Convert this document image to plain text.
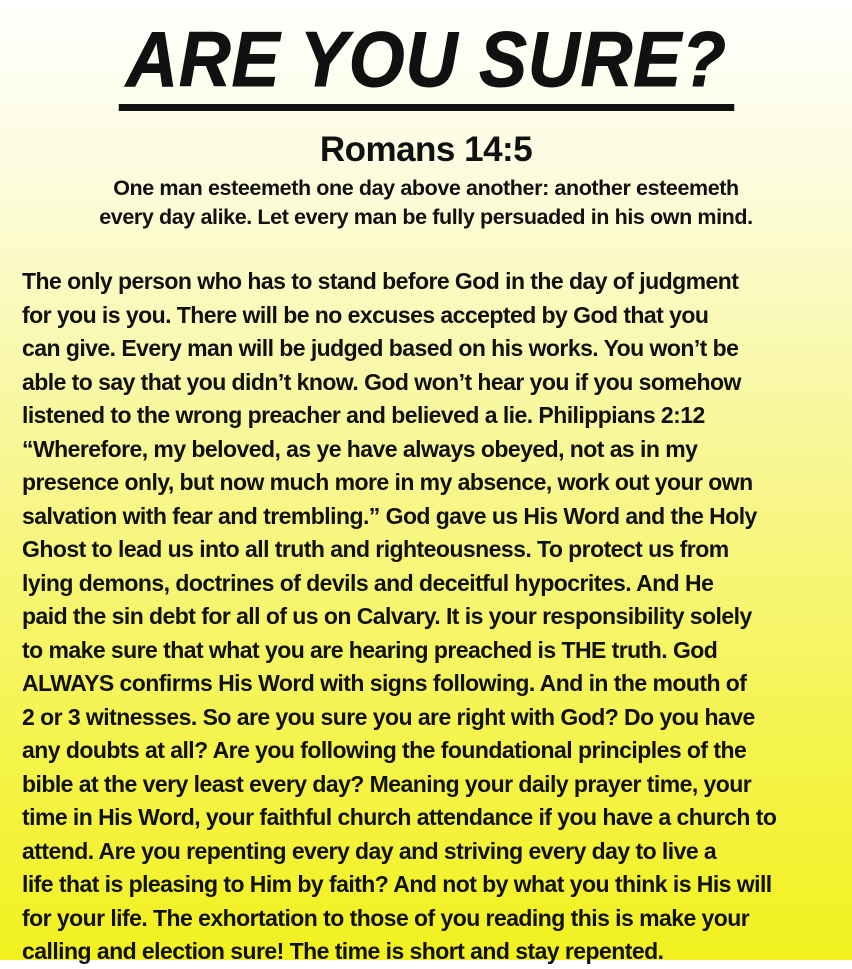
ARE YOU SURE?
Romans 14:5
One man esteemeth one day above another: another esteemeth
every day alike. Let every man be fully persuaded in his own mind.
The only person who has to stand before God in the day of judgment
for you is you. There will be no excuses accepted by God that you
can give. Every man will be judged based on his works. You won’t be
able to say that you didn’t know. God won’t hear you if you somehow
listened to the wrong preacher and believed a lie. Philippians 2:12
“Wherefore, my beloved, as ye have always obeyed, not as in my
presence only, but now much more in my absence, work out your own
salvation with fear and trembling.” God gave us His Word and the Holy
Ghost to lead us into all truth and righteousness. To protect us from
lying demons, doctrines of devils and deceitful hypocrites. And He
paid the sin debt for all of us on Calvary. It is your responsibility solely
to make sure that what you are hearing preached is THE truth. God
ALWAYS confirms His Word with signs following. And in the mouth of
2 or 3 witnesses. So are you sure you are right with God? Do you have
any doubts at all? Are you following the foundational principles of the
bible at the very least every day? Meaning your daily prayer time, your
time in His Word, your faithful church attendance if you have a church to
attend. Are you repenting every day and striving every day to live a
life that is pleasing to Him by faith? And not by what you think is His will
for your life. The exhortation to those of you reading this is make your
calling and election sure! The time is short and stay repented.
